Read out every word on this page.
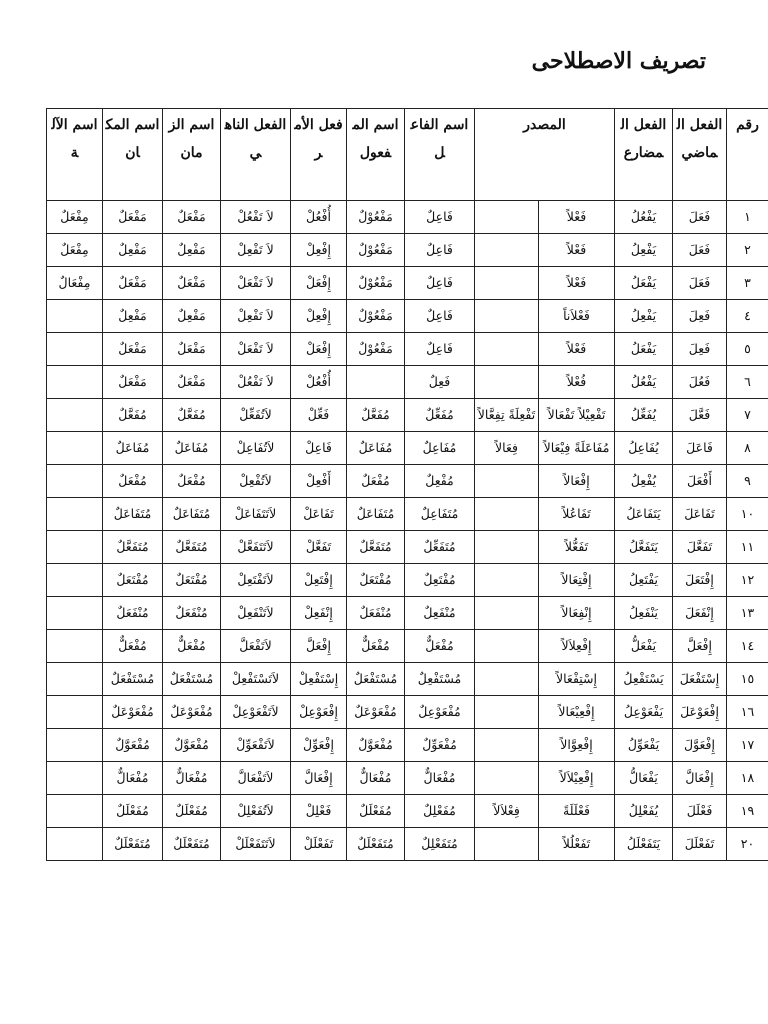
تصريف الاصطلاحى
رقم	الفعل الماضي	الفعل المضارع	المصدر		اسم الفاعل	اسم المفعول	فعل الأمر	الفعل الناهي	اسم الزمان	اسم المكان	اسم الآلة
١	فَعَلَ	يَفْعُلُ	فَعْلاً		فَاعِلٌ	مَفْعُوْلٌ	أُفْعُلْ	لاَ تَفْعُلْ	مَفْعَلٌ	مَفْعَلٌ	مِفْعَلٌ
٢	فَعَلَ	يَفْعِلُ	فَعْلاً		فَاعِلٌ	مَفْعُوْلٌ	إِفْعِلْ	لاَ تَفْعِلْ	مَفْعِلٌ	مَفْعِلٌ	مِفْعَلٌ
٣	فَعَلَ	يَفْعَلُ	فَعْلاً		فَاعِلٌ	مَفْعُوْلٌ	إِفْعَلْ	لاَ تَفْعَلْ	مَفْعَلٌ	مَفْعَلٌ	مِفْعَالٌ
٤	فَعِلَ	يَفْعِلُ	فَعْلاَناً		فَاعِلٌ	مَفْعُوْلٌ	إِفْعِلْ	لاَ تَفْعِلْ	مَفْعِلٌ	مَفْعِلٌ	
٥	فَعِلَ	يَفْعَلُ	فَعْلاً		فَاعِلٌ	مَفْعُوْلٌ	إِفْعَلْ	لاَ تَفْعَلْ	مَفْعَلٌ	مَفْعَلٌ	
٦	فَعُلَ	يَفْعُلُ	فُعْلاً		فَعِلٌ		أُفْعُلْ	لاَ تَفْعُلْ	مَفْعَلٌ	مَفْعَلٌ	
٧	فَعَّلَ	يُفَعِّلُ	تَفْعِيْلاً تَفْعَالاً	تَفْعِلَةً تِفِعَّالاً	مُفَعِّلٌ	مُفَعَّلٌ	فَعِّلْ	لاَتُفَعِّلْ	مُفَعَّلٌ	مُفَعَّلٌ	
٨	فَاعَلَ	يُفَاعِلُ	مُفَاعَلَةً فِيْعَالاً	فِعَالاً	مُفَاعِلٌ	مُفَاعَلٌ	فَاعِلْ	لاَتُفَاعِلْ	مُفَاعَلٌ	مُفَاعَلٌ	
٩	أَفْعَلَ	يُفْعِلُ	إِفْعَالاً		مُفْعِلٌ	مُفْعَلٌ	أَفْعِلْ	لاَتُفْعِلْ	مُفْعَلٌ	مُفْعَلٌ	
١٠	تَفَاعَلَ	يَتَفَاعَلُ	تَفَاعُلاً		مُتَفَاعِلٌ	مُتَفَاعَلٌ	تَفَاعَلْ	لاَتَتَفَاعَلْ	مُتَفَاعَلٌ	مُتَفَاعَلٌ	
١١	تَفَعَّلَ	يَتَفَعَّلُ	تَفَعُّلاً		مُتَفَعِّلٌ	مُتَفَعَّلٌ	تَفَعَّلْ	لاَتَتَفَعَّلْ	مُتَفَعَّلٌ	مُتَفَعَّلٌ	
١٢	إِفْتَعَلَ	يَفْتَعِلُ	إِفْتِعَالاً		مُفْتَعِلٌ	مُفْتَعَلٌ	إِفْتَعِلْ	لاَتَفْتَعِلْ	مُفْتَعَلٌ	مُفْتَعَلٌ	
١٣	إِنْفَعَلَ	يَنْفَعِلُ	إِنْفِعَالاً		مُنْفَعِلٌ	مُنْفَعَلٌ	إِنْفَعِلْ	لاَتَنْفَعِلْ	مُنْفَعَلٌ	مُنْفَعَلٌ	
١٤	إِفْعَلَّ	يَفْعَلُّ	إِفْعِلاَلاً		مُفْعَلٌّ	مُفْعَلٌّ	إِفْعَلَّ	لاَتَفْعَلَّ	مُفْعَلٌّ	مُفْعَلٌّ	
١٥	إِسْتَفْعَلَ	يَسْتَفْعِلُ	إِسْتِفْعَالاً		مُسْتَفْعِلٌ	مُسْتَفْعَلٌ	إِسْتَفْعِلْ	لاَتَسْتَفْعِلْ	مُسْتَفْعَلٌ	مُسْتَفْعَلٌ	
١٦	إِفْعَوْعَلَ	يَفْعَوْعِلُ	إِفْعِيْعَالاً		مُفْعَوْعِلٌ	مُفْعَوْعَلٌ	إِفْعَوْعِلْ	لاَتَفْعَوْعِلْ	مُفْعَوْعَلٌ	مُفْعَوْعَلٌ	
١٧	إِفْعَوَّلَ	يَفْعَوِّلُ	إِفْعِوَّالاً		مُفْعَوِّلٌ	مُفْعَوَّلٌ	إِفْعَوِّلْ	لاَتَفْعَوِّلْ	مُفْعَوَّلٌ	مُفْعَوَّلٌ	
١٨	إِفْعَالَّ	يَفْعَالُّ	إِفْعِيْلاَلاً		مُفْعَالٌّ	مُفْعَالٌّ	إِفْعَالَّ	لاَتَفْعَالَّ	مُفْعَالٌّ	مُفْعَالٌّ	
١٩	فَعْلَلَ	يُفَعْلِلُ	فَعْلَلَةً	فِعْلاَلاً	مُفَعْلِلٌ	مُفَعْلَلٌ	فَعْلِلْ	لاَتُفَعْلِلْ	مُفَعْلَلٌ	مُفَعْلَلٌ	
٢٠	تَفَعْلَلَ	يَتَفَعْلَلُ	تَفَعْلُلاً		مُتَفَعْلِلٌ	مُتَفَعْلَلٌ	تَفَعْلَلْ	لاَتَتَفَعْلَلْ	مُتَفَعْلَلٌ	مُتَفَعْلَلٌ	
